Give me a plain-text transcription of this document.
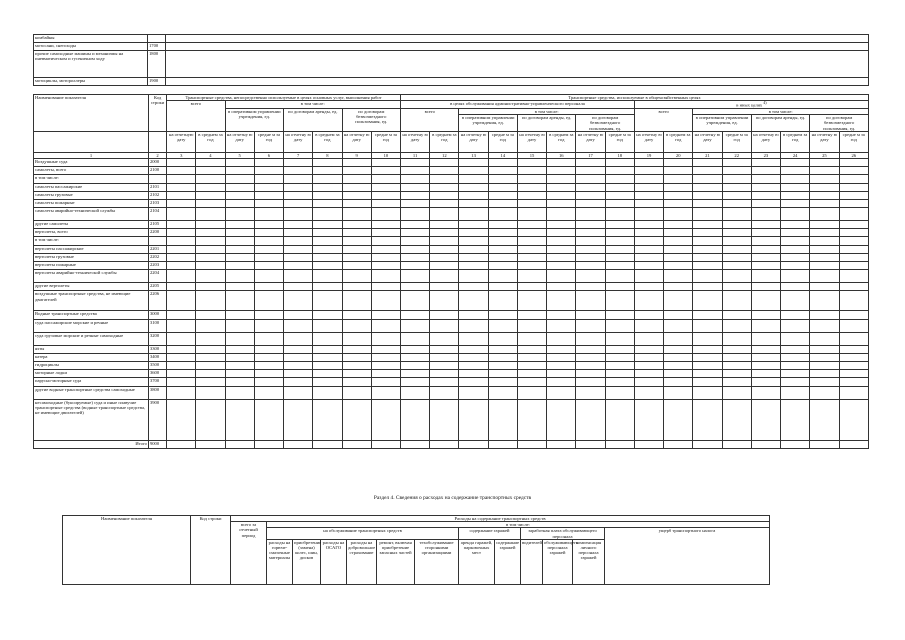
комбайны		
мотосани, снегоходы	1700	
прочие самоходные машины и механизмы на пневматическом и гусеничном ходу	1800	
мотоциклы, мотороллеры	1900	
Наименование показателя	Код строки	Транспортные средства, непосредственно используемые в целях основных услуг, выполнения работ								Транспортные средства, используемые в общехозяйственных целях															
		всего		в том числе:						в целях обслуживания административно-управленческого персонала								в иных целях $^{4)}$
				в оперативном управлении учреждения, ед.		по договорам аренды, ед.		по договорам безвозмездного пользования, ед.		всего		в том числе:						всего		в том числе:					
												в оперативном управлении учреждения, ед.		по договорам аренды, ед.		по договорам безвозмездного пользования, ед.				в оперативном управлении учреждения, ед.		по договорам аренды, ед.		по договорам безвозмездного пользования, ед.	
		на отчетную дату	в среднем за год	на отчетну ю дату	средне м за год	на отчетну ю дату	в среднем за год	на отчетну ю дату	средне м за год	на отчетну ю дату	в среднем за год	на отчетну ю дату	средне м за год	на отчетну ю дату	в среднем за год	на отчетну ю дату	средне м за год	на отчетну ю дату	в среднем за год	на отчетну ю дату	средне м за год	на отчетну ю дату	в среднем за год	на отчетну ю дату	средне м за год
1	2	3	4	5	6	7	8	9	10	11	12	13	14	15	16	17	18	19	20	21	22	23	24	25	26
Воздушные суда	2000																								
самолеты, всего	2100																								
в том числе:																									
самолеты пассажирские	2101																								
самолеты грузовые	2102																								
самолеты пожарные	2103																								
самолеты аварийно-технической службы	2104																								
другие самолеты	2105																								
вертолеты, всего	2200																								
в том числе:																									
вертолеты пассажирские	2201																								
вертолеты грузовые	2202																								
вертолеты пожарные	2203																								
вертолеты аварийно-технической службы	2204																								
другие вертолеты	2205																								
воздушные транспортные средства, не имеющие двигателей	2206																								
Водные транспортные средства	3000																								
суда пассажирские морские и речные	3100																								
суда грузовые морские и речные самоходные	3200																								
яхты	3300																								
катера	3400																								
гидроциклы	3500																								
моторные лодки	3600																								
парусно-моторные суда	3700																								
другие водные транспортные средства самоходные	3800																								
несамоходные (буксируемые) суда и иные плавучие транспортные средства (водные транспортные средства, не имеющие двигателей)	3900																								
Итого	9000																								
Раздел 4. Сведения о расходах на содержание транспортных средств
Наименование показателя	Код строки	Расходы на содержание транспортных средств												
		всего за отчетный период	в том числе:											
			на обслуживание транспортных средств						содержание гаражей		заработная плата обслуживающего персонала			ущерб транспортного налога
			расходы на горюче-смазочные материалы	приобретение (замена) колес, шин, дисков	расходы на ОСАГО	расходы на добровольное страхование	ремонт, включая приобретение запасных частей	техобслуживание сторонними организациями	аренда гаражей, парковочных мест	содержание гаражей	водителей	обслуживающего персонала гаражей	компенсация личного персонала гаражей	
